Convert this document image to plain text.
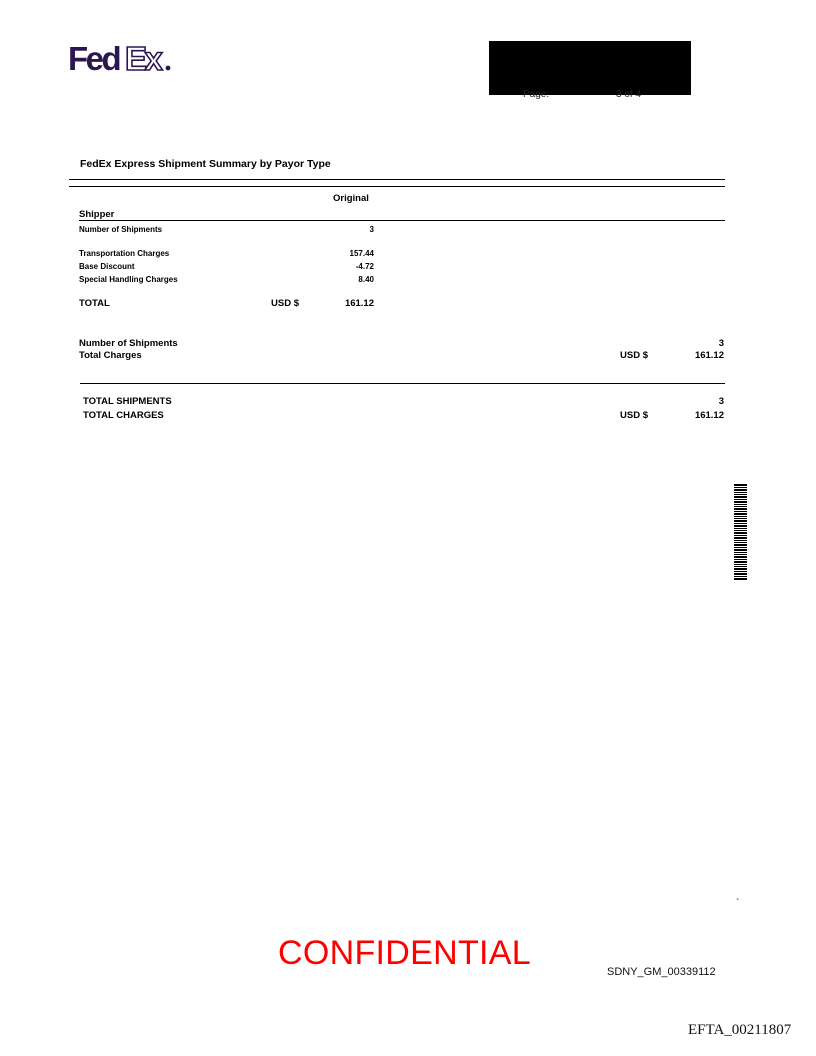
Fed Ex
Page:	3 of 4
FedEx Express Shipment Summary by Payor Type
Original
Shipper
Number of Shipments	3
Transportation Charges	157.44
Base Discount	-4.72
Special Handling Charges	8.40
TOTAL	USD $	161.12
Number of Shipments	3
Total Charges	USD $	161.12
TOTAL SHIPMENTS	3
TOTAL CHARGES	USD $	161.12
`
CONFIDENTIAL	SDNY_GM_00339112
EFTA_00211807
